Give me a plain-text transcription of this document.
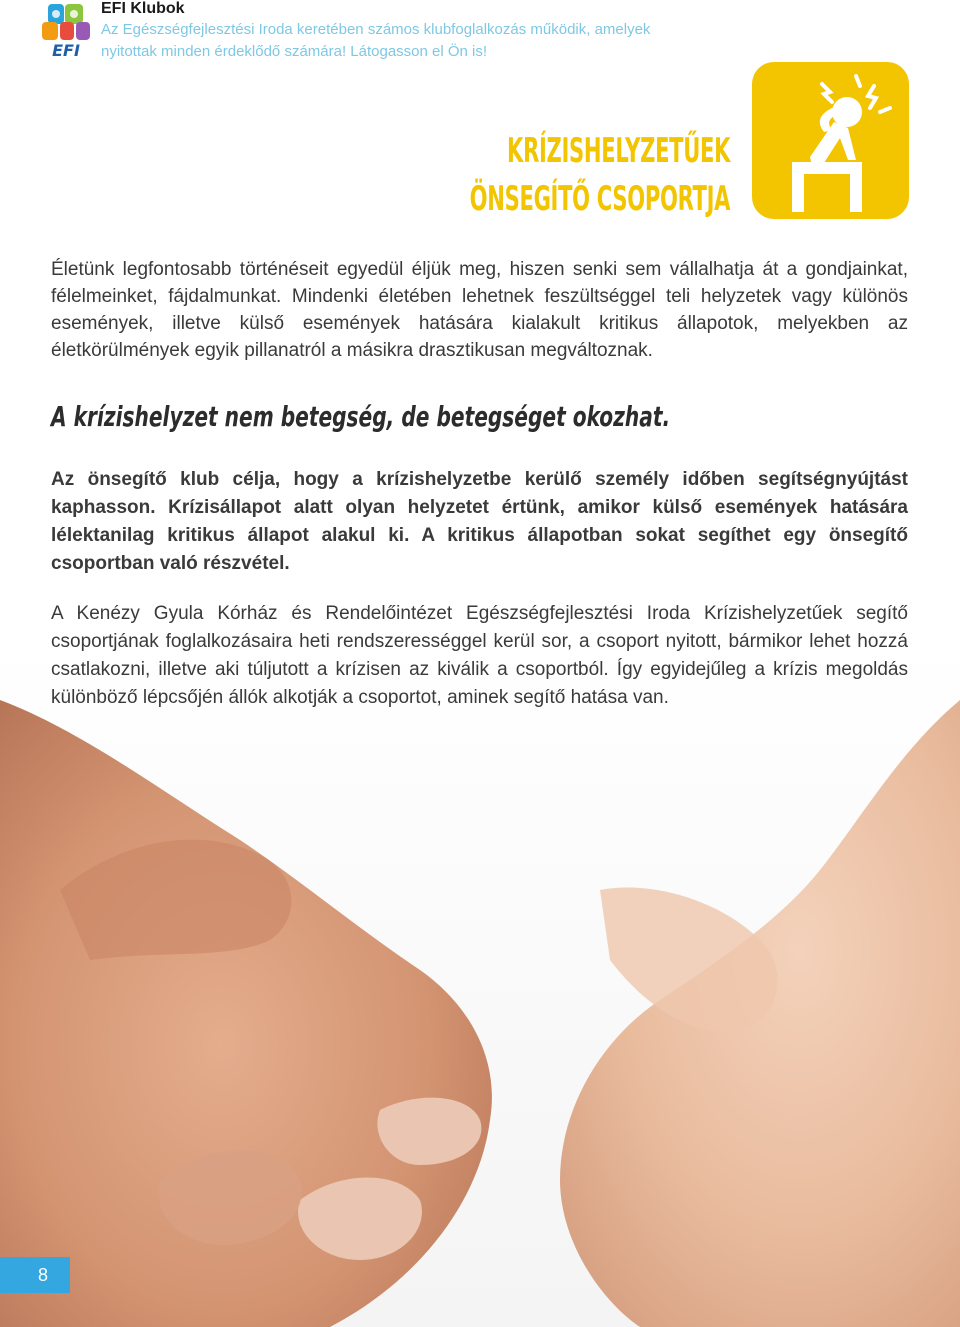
EFI
EFI Klubok
Az Egészségfejlesztési Iroda keretében számos klubfoglalkozás működik, amelyek nyitottak minden érdeklődő számára! Látogasson el Ön is!
KRÍZISHELYZETŰEK
ÖNSEGÍTŐ CSOPORTJA

Életünk legfontosabb történéseit egyedül éljük meg, hiszen senki sem vállalhatja át a gondjainkat, félelmeinket, fájdalmunkat. Mindenki életében lehetnek feszültséggel teli helyzetek vagy különös események, illetve külső események hatására kialakult kritikus állapotok, melyekben az életkörülmények egyik pillanatról a másikra drasztikusan megváltoznak.

A krízishelyzet nem betegség, de betegséget okozhat.

Az önsegítő klub célja, hogy a krízishelyzetbe kerülő személy időben segítségnyújtást kaphasson. Krízisállapot alatt olyan helyzetet értünk, amikor külső események hatására lélektanilag kritikus állapot alakul ki. A kritikus állapotban sokat segíthet egy önsegítő csoportban való részvétel.

A Kenézy Gyula Kórház és Rendelőintézet Egészségfejlesztési Iroda Krízishelyzetűek segítő csoportjának foglalkozásaira heti rendszerességgel kerül sor, a csoport nyitott, bármikor lehet hozzá csatlakozni, illetve aki túljutott a krízisen az kiválik a csoportból. Így egyidejűleg a krízis megoldás különböző lépcsőjén állók alkotják a csoportot, aminek segítő hatása van.

8
